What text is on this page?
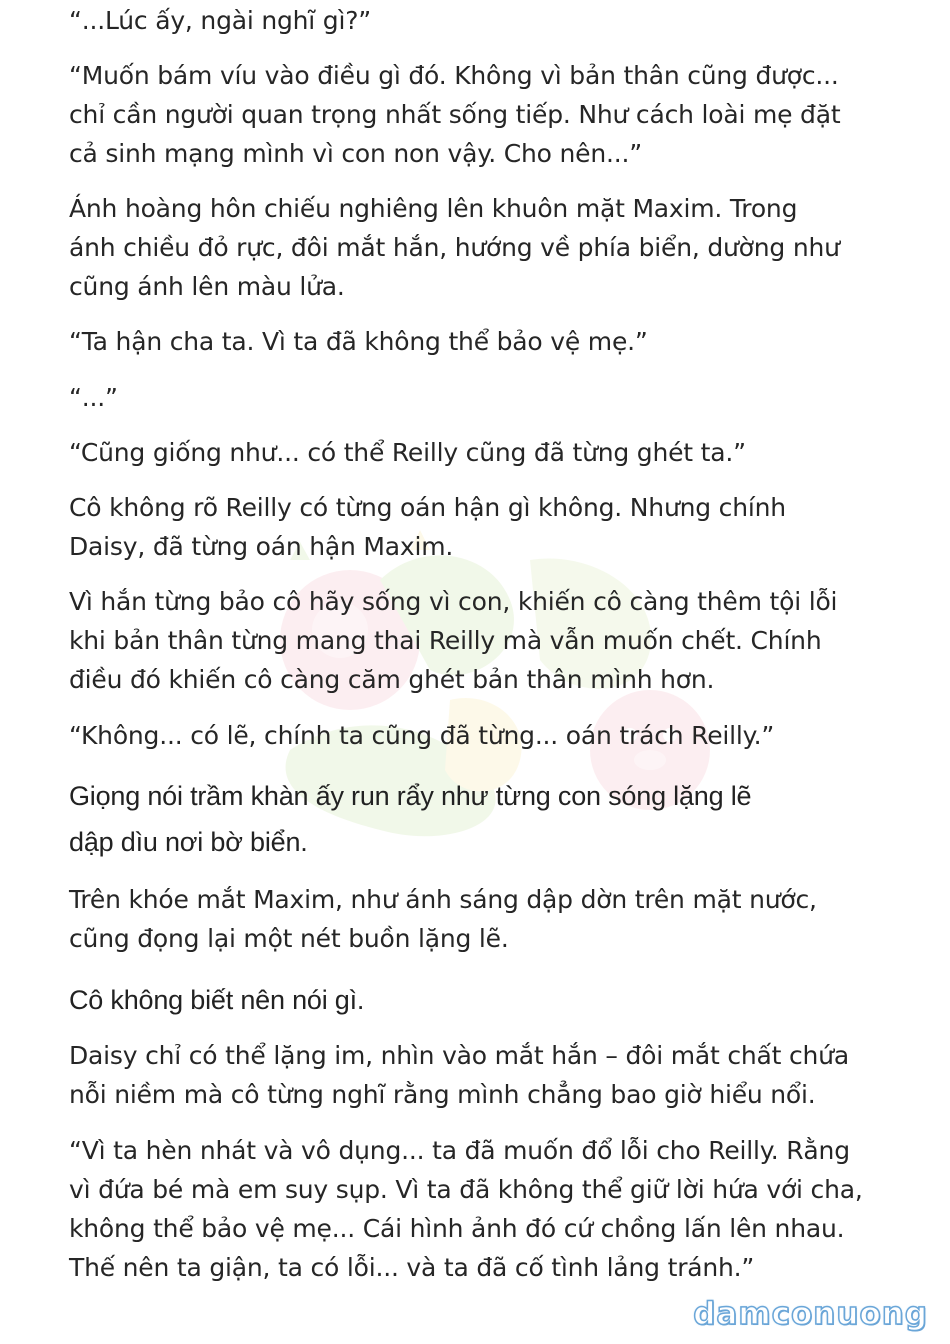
“...Lúc ấy, ngài nghĩ gì?”

“Muốn bám víu vào điều gì đó. Không vì bản thân cũng được...
chỉ cần người quan trọng nhất sống tiếp. Như cách loài mẹ đặt
cả sinh mạng mình vì con non vậy. Cho nên...”

Ánh hoàng hôn chiếu nghiêng lên khuôn mặt Maxim. Trong
ánh chiều đỏ rực, đôi mắt hắn, hướng về phía biển, dường như
cũng ánh lên màu lửa.

“Ta hận cha ta. Vì ta đã không thể bảo vệ mẹ.”

“...”

“Cũng giống như... có thể Reilly cũng đã từng ghét ta.”

Cô không rõ Reilly có từng oán hận gì không. Nhưng chính
Daisy, đã từng oán hận Maxim.

Vì hắn từng bảo cô hãy sống vì con, khiến cô càng thêm tội lỗi
khi bản thân từng mang thai Reilly mà vẫn muốn chết. Chính
điều đó khiến cô càng căm ghét bản thân mình hơn.

“Không... có lẽ, chính ta cũng đã từng... oán trách Reilly.”

Giọng nói trầm khàn ấy run rẩy như từng con sóng lặng lẽ
dập dìu nơi bờ biển.

Trên khóe mắt Maxim, như ánh sáng dập dờn trên mặt nước,
cũng đọng lại một nét buồn lặng lẽ.

Cô không biết nên nói gì.

Daisy chỉ có thể lặng im, nhìn vào mắt hắn – đôi mắt chất chứa
nỗi niềm mà cô từng nghĩ rằng mình chẳng bao giờ hiểu nổi.

“Vì ta hèn nhát và vô dụng... ta đã muốn đổ lỗi cho Reilly. Rằng
vì đứa bé mà em suy sụp. Vì ta đã không thể giữ lời hứa với cha,
không thể bảo vệ mẹ... Cái hình ảnh đó cứ chồng lấn lên nhau.
Thế nên ta giận, ta có lỗi... và ta đã cố tình lảng tránh.”

damconuong
